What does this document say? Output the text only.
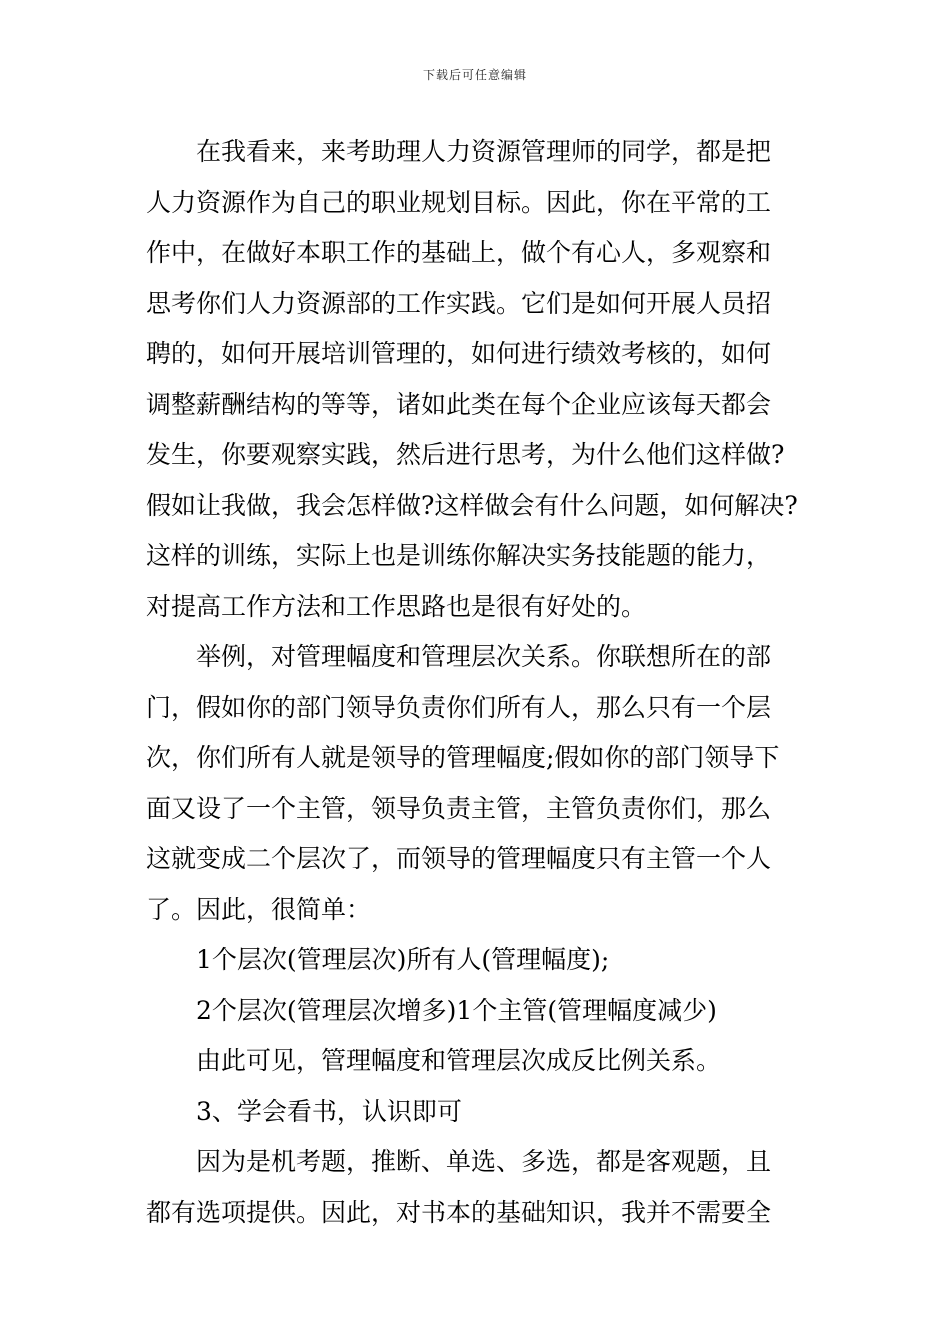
下载后可任意编辑
在我看来，来考助理人力资源管理师的同学，都是把
人力资源作为自己的职业规划目标。因此，你在平常的工
作中，在做好本职工作的基础上，做个有心人，多观察和
思考你们人力资源部的工作实践。它们是如何开展人员招
聘的，如何开展培训管理的，如何进行绩效考核的，如何
调整薪酬结构的等等，诸如此类在每个企业应该每天都会
发生，你要观察实践，然后进行思考，为什么他们这样做?
假如让我做，我会怎样做?这样做会有什么问题，如何解决?
这样的训练，实际上也是训练你解决实务技能题的能力，
对提高工作方法和工作思路也是很有好处的。
举例，对管理幅度和管理层次关系。你联想所在的部
门，假如你的部门领导负责你们所有人，那么只有一个层
次，你们所有人就是领导的管理幅度;假如你的部门领导下
面又设了一个主管，领导负责主管，主管负责你们，那么
这就变成二个层次了，而领导的管理幅度只有主管一个人
了。因此，很简单：
1个层次(管理层次)所有人(管理幅度);
2个层次(管理层次增多)1个主管(管理幅度减少)
由此可见，管理幅度和管理层次成反比例关系。
3、学会看书，认识即可
因为是机考题，推断、单选、多选，都是客观题，且
都有选项提供。因此，对书本的基础知识，我并不需要全
